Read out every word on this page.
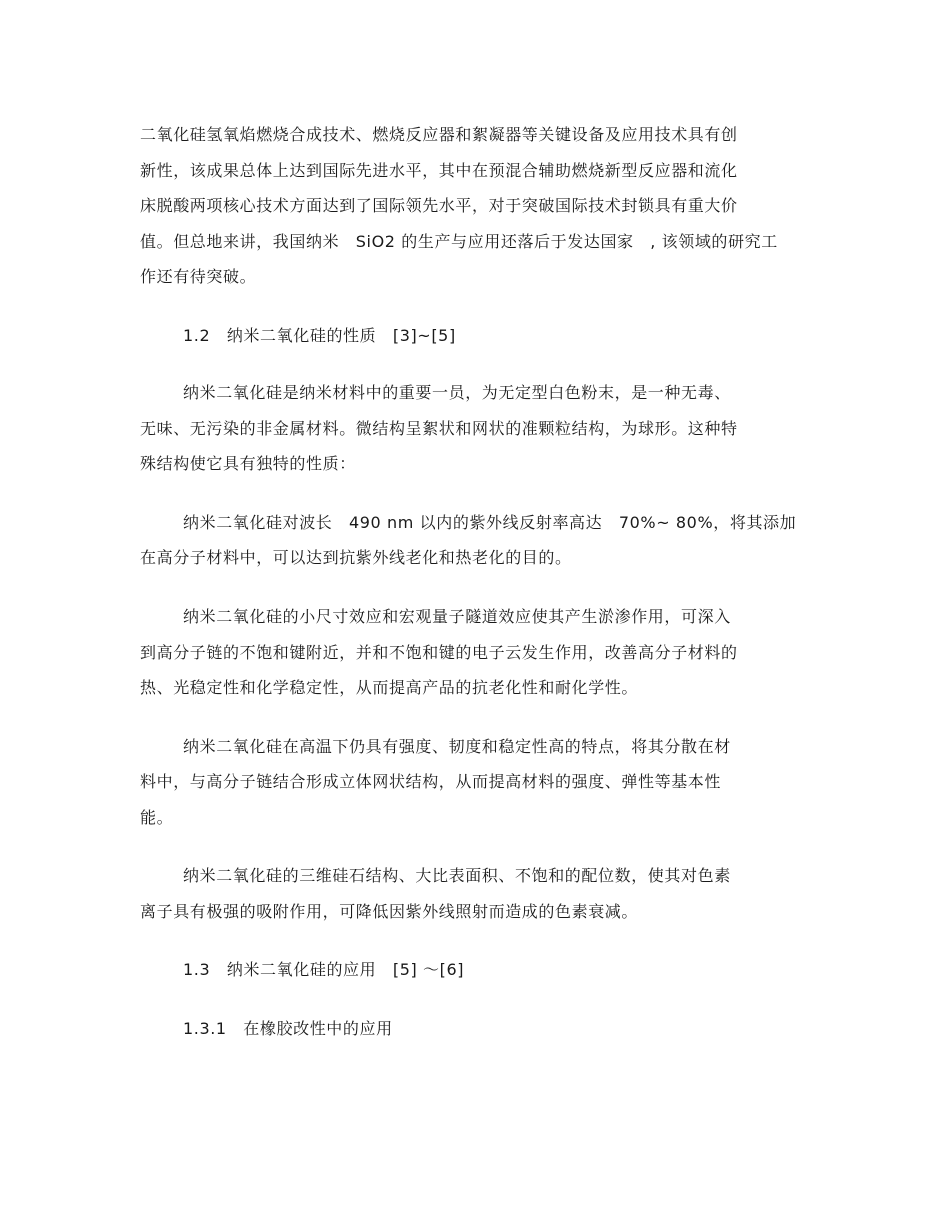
二氧化硅氢氧焰燃烧合成技术、燃烧反应器和絮凝器等关键设备及应用技术具有创
新性，该成果总体上达到国际先进水平，其中在预混合辅助燃烧新型反应器和流化
床脱酸两项核心技术方面达到了国际领先水平，对于突破国际技术封锁具有重大价
值。但总地来讲，我国纳米　SiO2 的生产与应用还落后于发达国家　, 该领域的研究工
作还有待突破。
1.2　纳米二氧化硅的性质　[3]~[5]
纳米二氧化硅是纳米材料中的重要一员，为无定型白色粉末，是一种无毒、
无味、无污染的非金属材料。微结构呈絮状和网状的准颗粒结构，为球形。这种特
殊结构使它具有独特的性质：
纳米二氧化硅对波长　490 nm 以内的紫外线反射率高达　70%~ 80%，将其添加
在高分子材料中，可以达到抗紫外线老化和热老化的目的。
纳米二氧化硅的小尺寸效应和宏观量子隧道效应使其产生淤渗作用，可深入
到高分子链的不饱和键附近，并和不饱和键的电子云发生作用，改善高分子材料的
热、光稳定性和化学稳定性，从而提高产品的抗老化性和耐化学性。
纳米二氧化硅在高温下仍具有强度、韧度和稳定性高的特点，将其分散在材
料中，与高分子链结合形成立体网状结构，从而提高材料的强度、弹性等基本性
能。
纳米二氧化硅的三维硅石结构、大比表面积、不饱和的配位数，使其对色素
离子具有极强的吸附作用，可降低因紫外线照射而造成的色素衰减。
1.3　纳米二氧化硅的应用　[5] ～[6]
1.3.1　在橡胶改性中的应用
